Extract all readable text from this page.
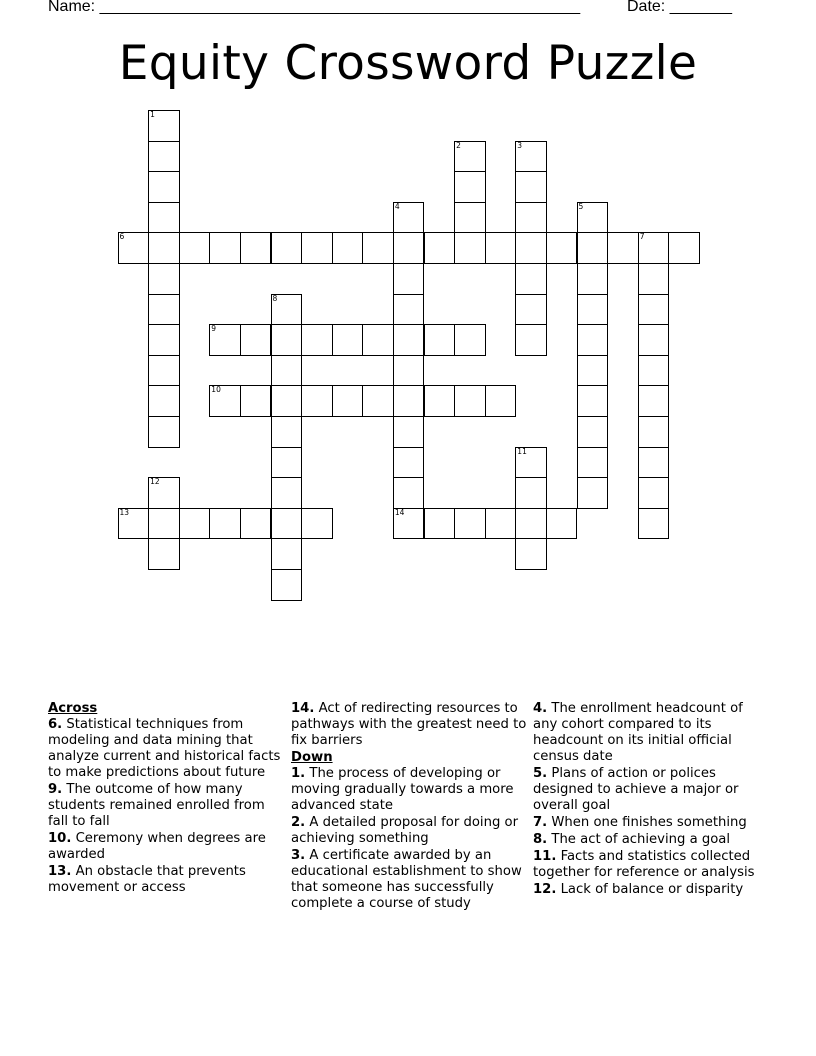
Name: ______________________________________________________	Date: _______
Equity Crossword Puzzle
1
2	3
4	5
6	7
8
9
10
11
12
13	14
Across
6. Statistical techniques from modeling and data mining that analyze current and historical facts to make predictions about future
9. The outcome of how many students remained enrolled from fall to fall
10. Ceremony when degrees are awarded
13. An obstacle that prevents movement or access
14. Act of redirecting resources to pathways with the greatest need to fix barriers
Down
1. The process of developing or moving gradually towards a more advanced state
2. A detailed proposal for doing or achieving something
3. A certificate awarded by an educational establishment to show that someone has successfully complete a course of study
4. The enrollment headcount of any cohort compared to its headcount on its initial official census date
5. Plans of action or polices designed to achieve a major or overall goal
7. When one finishes something
8. The act of achieving a goal
11. Facts and statistics collected together for reference or analysis
12. Lack of balance or disparity
